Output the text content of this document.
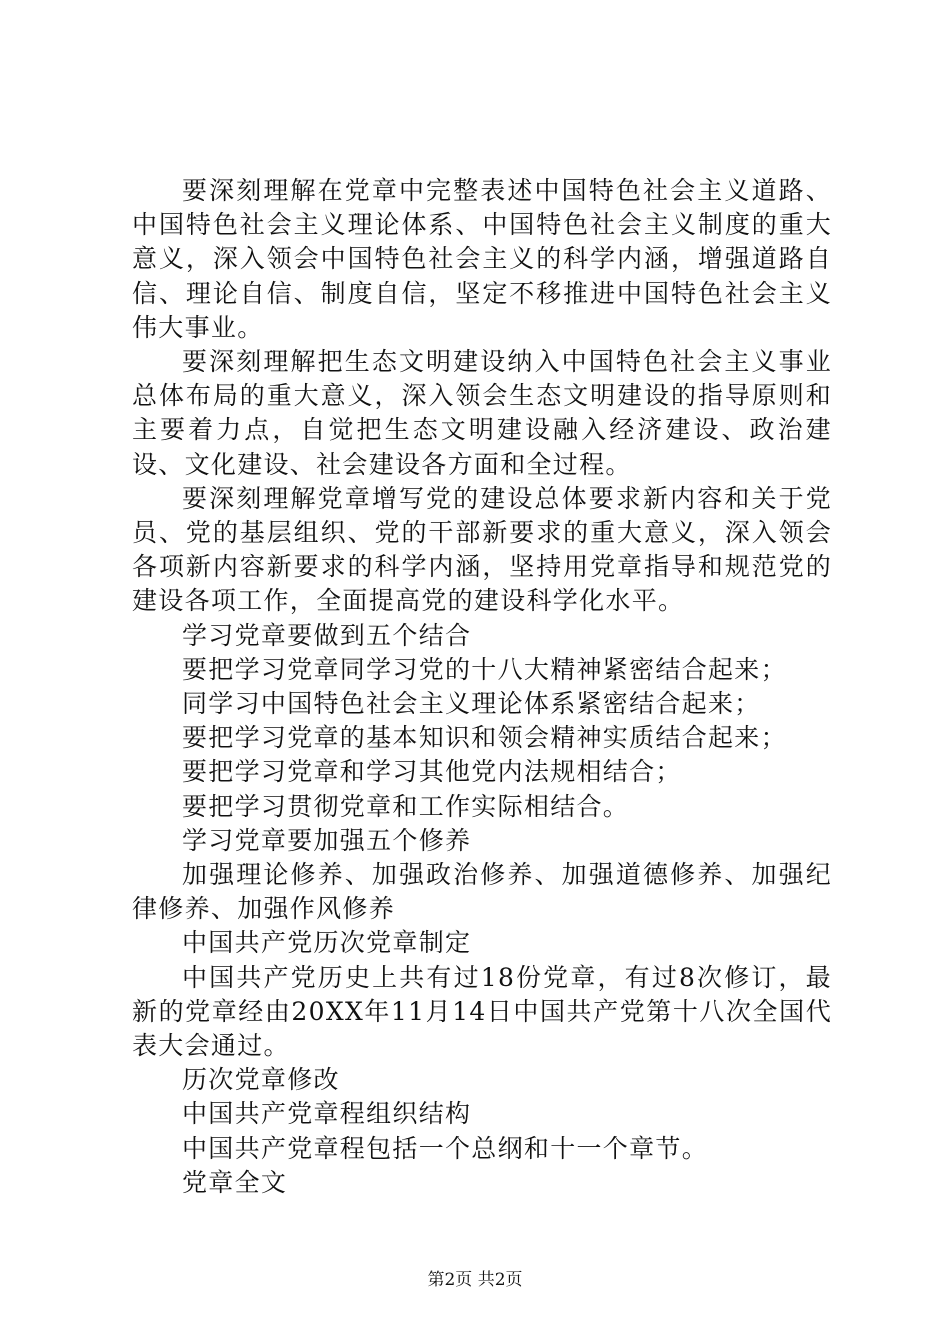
要深刻理解在党章中完整表述中国特色社会主义道路、中国特色社会主义理论体系、中国特色社会主义制度的重大意义，深入领会中国特色社会主义的科学内涵，增强道路自信、理论自信、制度自信，坚定不移推进中国特色社会主义伟大事业。

要深刻理解把生态文明建设纳入中国特色社会主义事业总体布局的重大意义，深入领会生态文明建设的指导原则和主要着力点，自觉把生态文明建设融入经济建设、政治建设、文化建设、社会建设各方面和全过程。

要深刻理解党章增写党的建设总体要求新内容和关于党员、党的基层组织、党的干部新要求的重大意义，深入领会各项新内容新要求的科学内涵，坚持用党章指导和规范党的建设各项工作，全面提高党的建设科学化水平。

学习党章要做到五个结合

要把学习党章同学习党的十八大精神紧密结合起来；

同学习中国特色社会主义理论体系紧密结合起来；

要把学习党章的基本知识和领会精神实质结合起来；

要把学习党章和学习其他党内法规相结合；

要把学习贯彻党章和工作实际相结合。

学习党章要加强五个修养

加强理论修养、加强政治修养、加强道德修养、加强纪律修养、加强作风修养

中国共产党历次党章制定

中国共产党历史上共有过18份党章，有过8次修订，最新的党章经由20XX年11月14日中国共产党第十八次全国代表大会通过。

历次党章修改

中国共产党章程组织结构

中国共产党章程包括一个总纲和十一个章节。

党章全文

第2页 共2页
